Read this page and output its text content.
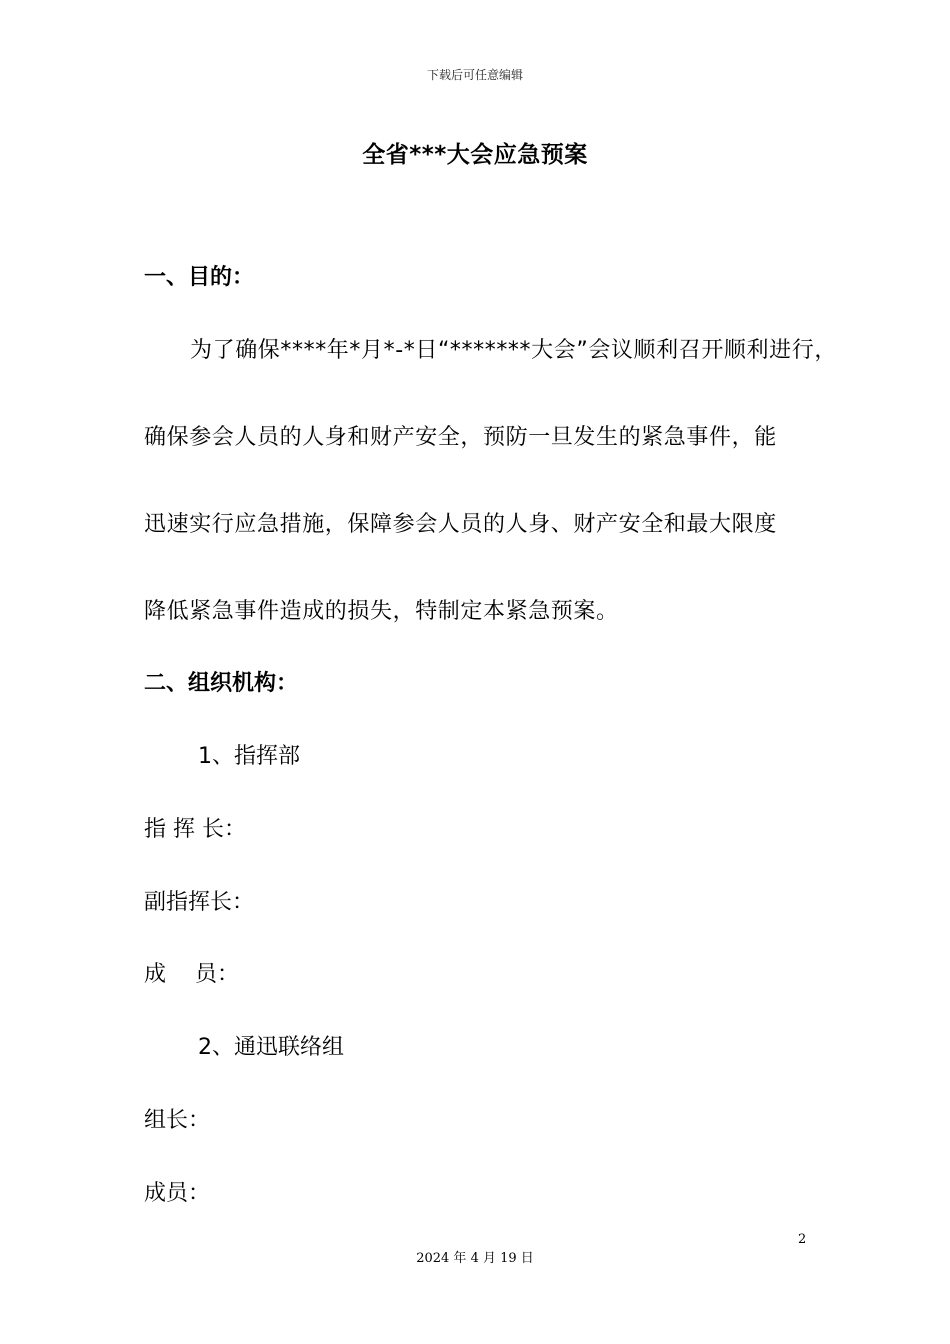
下载后可任意编辑
全省***大会应急预案
一、目的：
为了确保****年*月*-*日“*******大会”会议顺利召开顺利进行，
确保参会人员的人身和财产安全，预防一旦发生的紧急事件，能
迅速实行应急措施，保障参会人员的人身、财产安全和最大限度
降低紧急事件造成的损失，特制定本紧急预案。
二、组织机构：
1、指挥部
指 挥 长：
副指挥长：
成　 员：
2、通迅联络组
组长：
成员：
2
2024 年 4 月 19 日
